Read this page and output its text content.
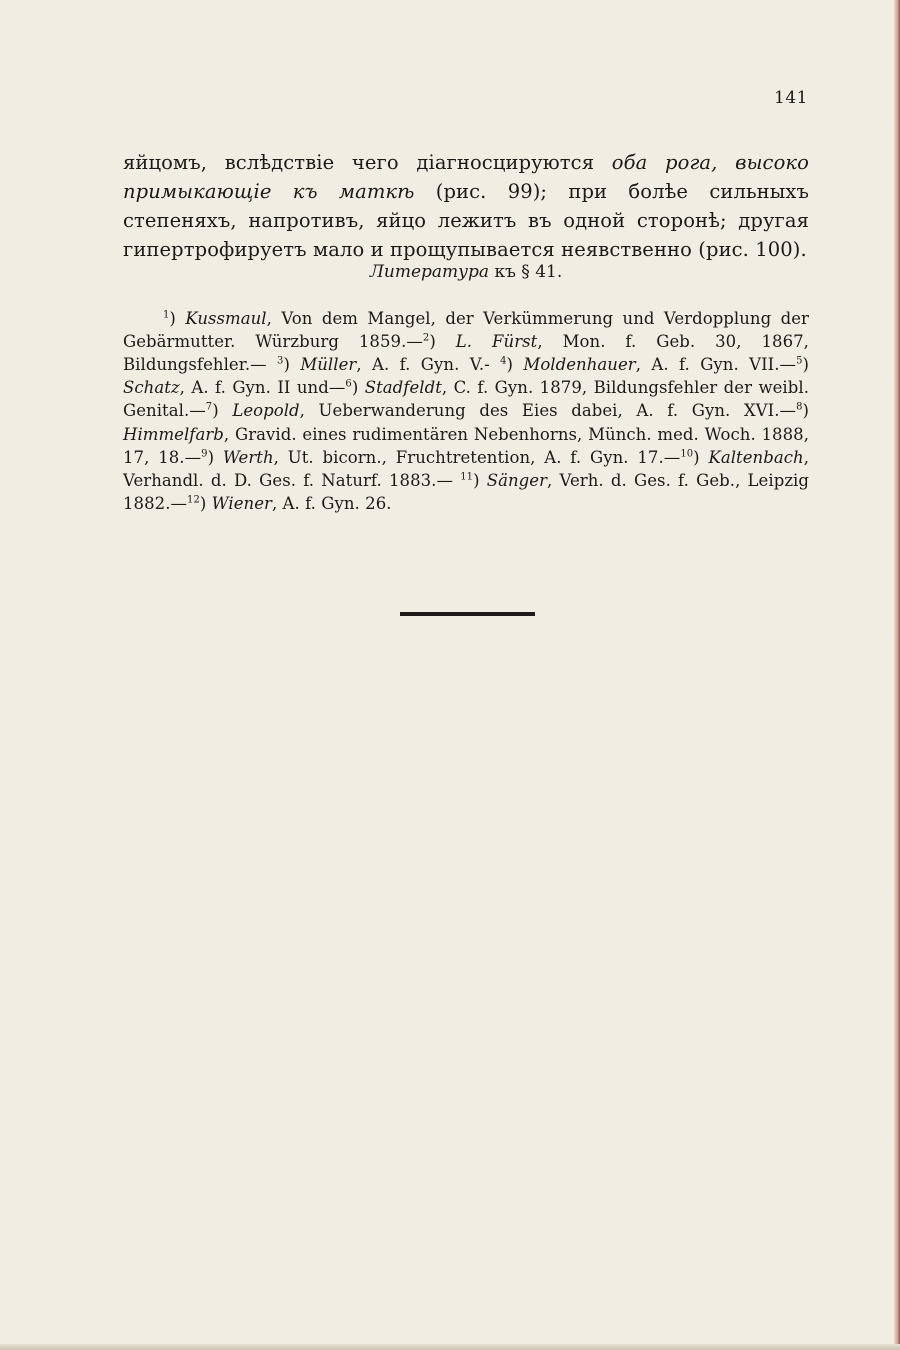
141

яйцомъ, вслѣдствіе чего діагносцируются оба рога, высоко примыкающіе къ маткѣ (рис. 99); при болѣе сильныхъ степеняхъ, напротивъ, яйцо лежитъ въ одной сторонѣ; другая гипертрофируетъ мало и прощупывается неявственно (рис. 100).

Литература къ § 41.

$^1$) Kussmaul, Von dem Mangel, der Verkümmerung und Verdopplung der Gebärmutter. Würzburg 1859.—$^2$) L. Fürst, Mon. f. Geb. 30, 1867, Bildungsfehler.— $^3$) Müller, A. f. Gyn. V.- $^4$) Moldenhauer, A. f. Gyn. VII.—$^5$) Schatz, A. f. Gyn. II und—$^6$) Stadfeldt, C. f. Gyn. 1879, Bildungsfehler der weibl. Genital.—$^7$) Leopold, Ueberwanderung des Eies dabei, A. f. Gyn. XVI.—$^8$) Himmelfarb, Gravid. eines rudimentären Nebenhorns, Münch. med. Woch. 1888, 17, 18.—$^9$) Werth, Ut. bicorn., Fruchtretention, A. f. Gyn. 17.—$^{10}$) Kaltenbach, Verhandl. d. D. Ges. f. Naturf. 1883.— $^{11}$) Sänger, Verh. d. Ges. f. Geb., Leipzig 1882.—$^{12}$) Wiener, A. f. Gyn. 26.
